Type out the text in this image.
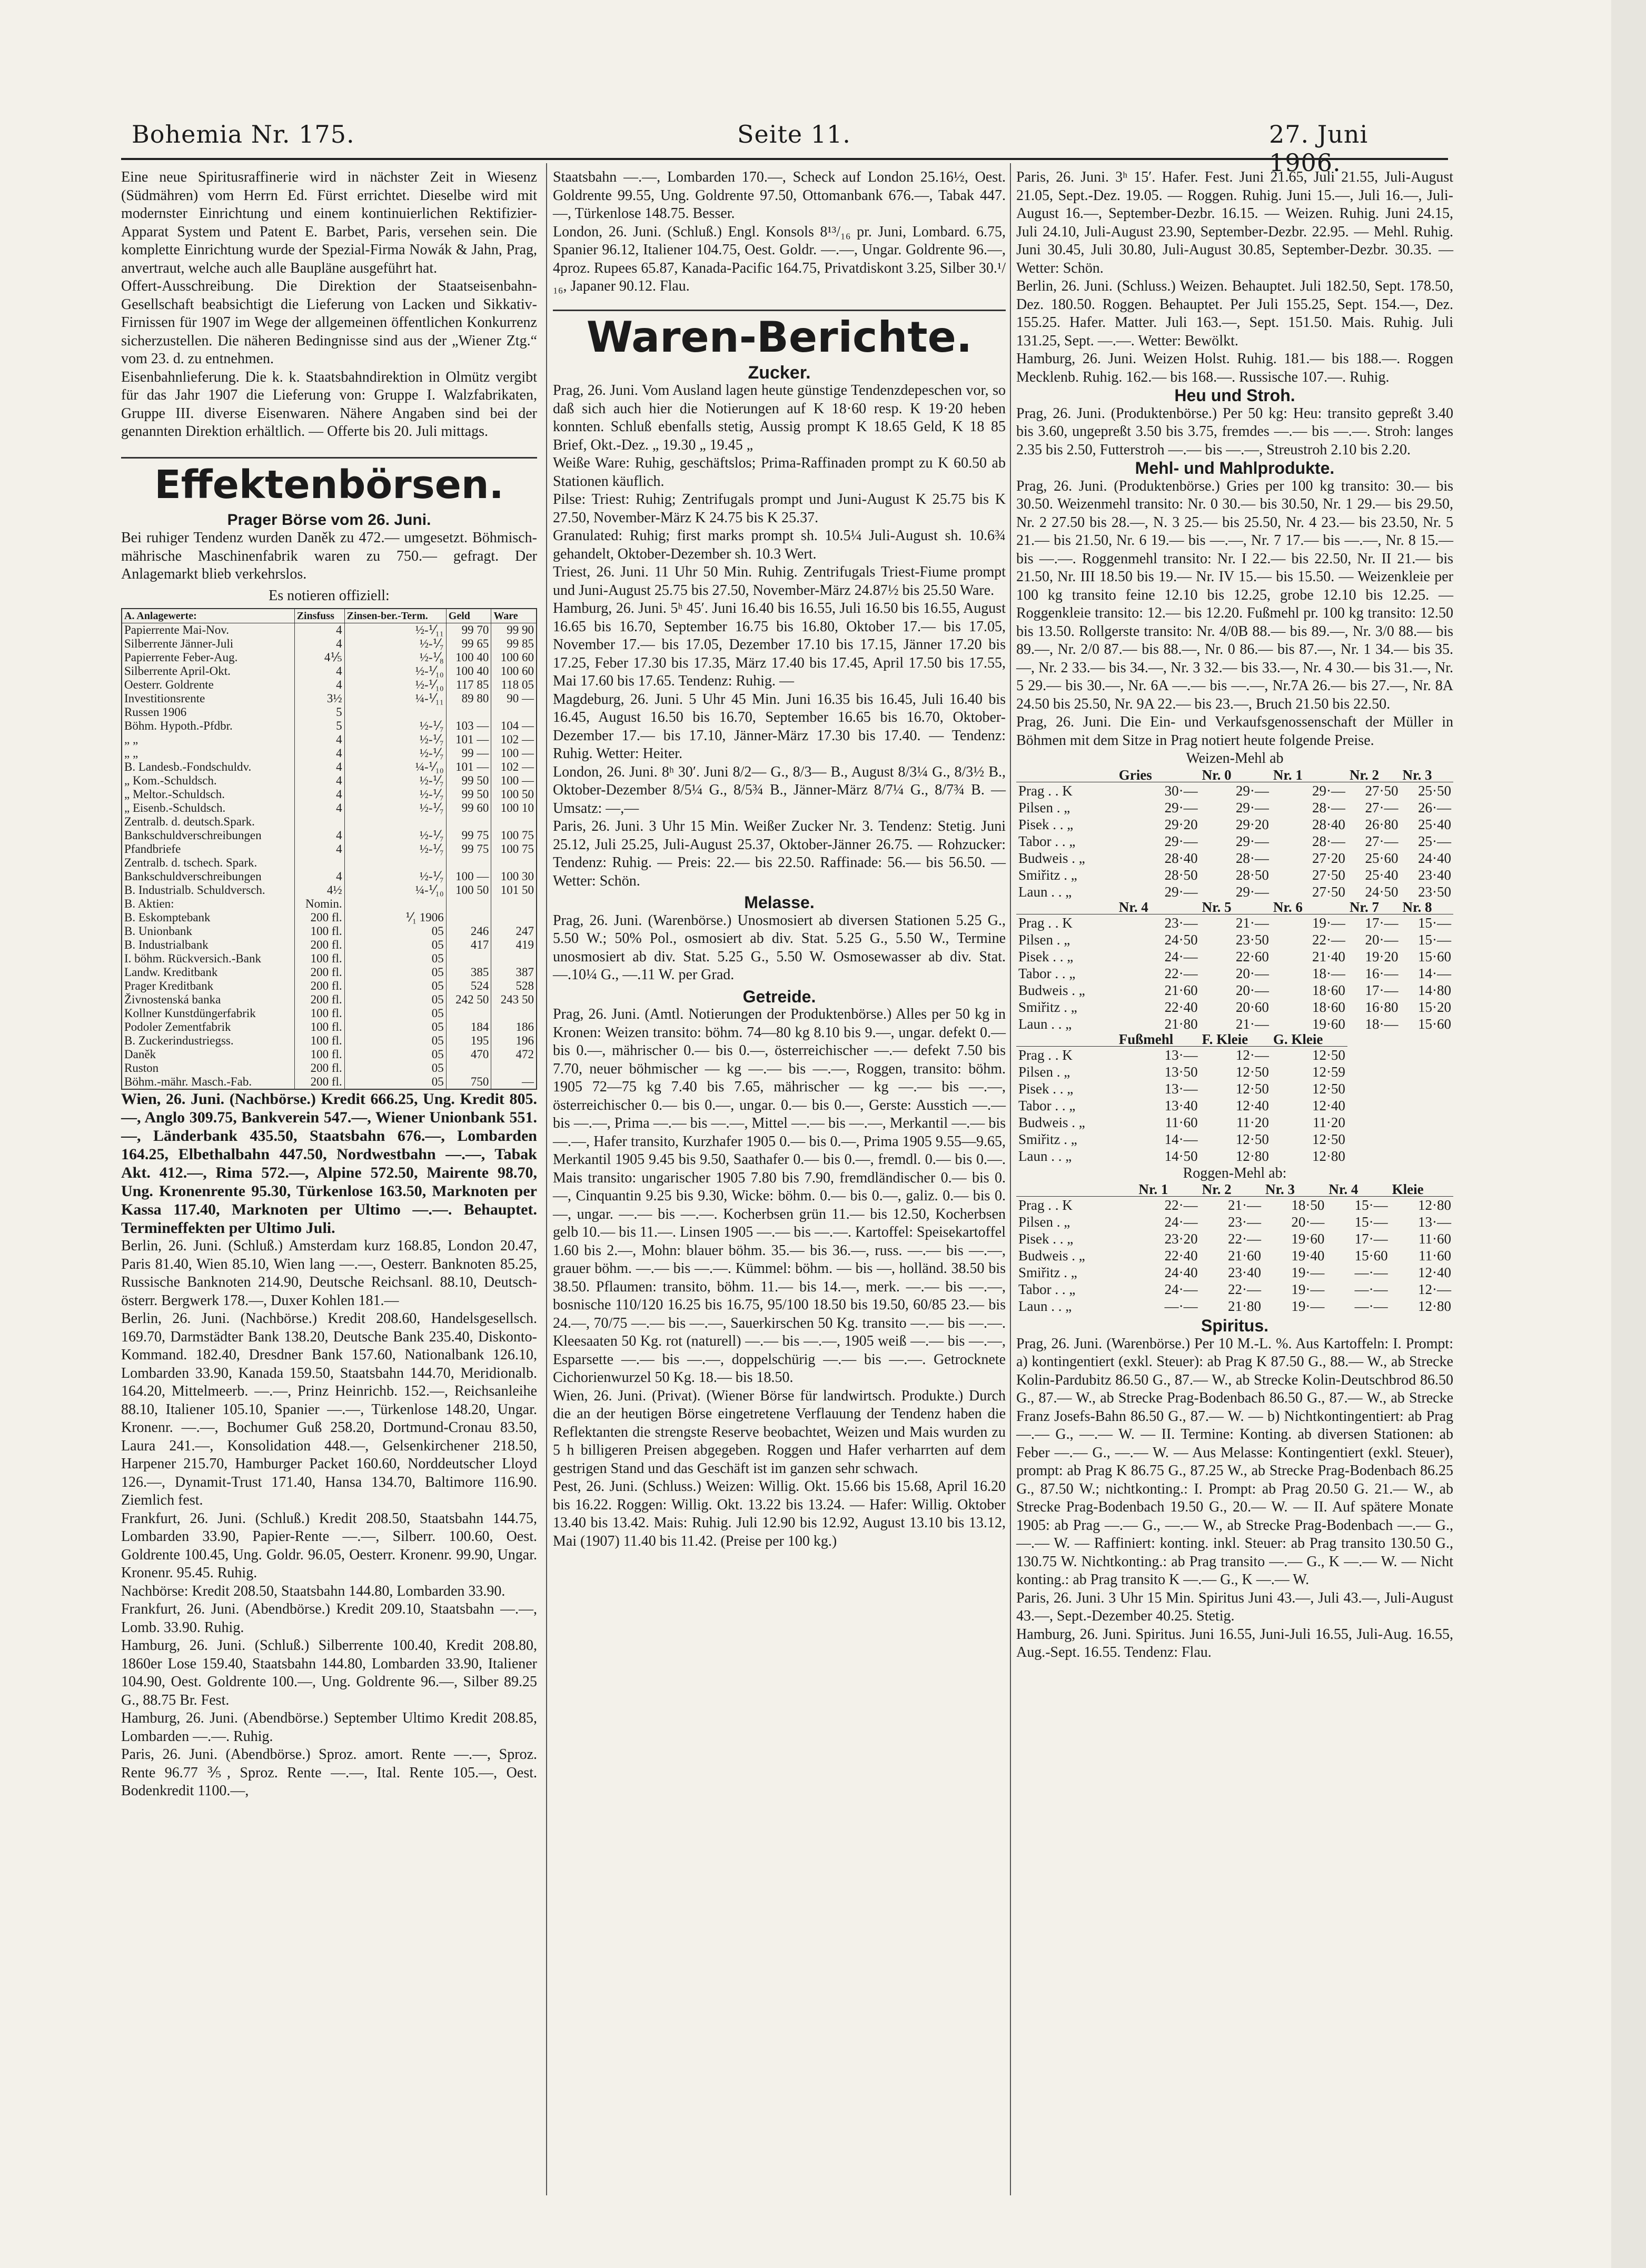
Bohemia Nr. 175.	Seite 11.	27. Juni 1906.

Eine neue Spiritusraffinerie wird in nächster Zeit in Wiesenz (Südmähren) vom Herrn Ed. Fürst errichtet. Dieselbe wird mit modernster Einrichtung und einem kontinuierlichen Rektifizier-Apparat System und Patent E. Barbet, Paris, versehen sein. Die komplette Einrichtung wurde der Spezial-Firma Nowák & Jahn, Prag, anvertraut, welche auch alle Baupläne ausgeführt hat.

Offert-Ausschreibung. Die Direktion der Staatseisenbahn-Gesellschaft beabsichtigt die Lieferung von Lacken und Sikkativ-Firnissen für 1907 im Wege der allgemeinen öffentlichen Konkurrenz sicherzustellen. Die näheren Bedingnisse sind aus der „Wiener Ztg.“ vom 23. d. zu entnehmen.

Eisenbahnlieferung. Die k. k. Staatsbahndirektion in Olmütz vergibt für das Jahr 1907 die Lieferung von: Gruppe I. Walzfabrikaten, Gruppe III. diverse Eisenwaren. Nähere Angaben sind bei der genannten Direktion erhältlich. — Offerte bis 20. Juli mittags.

Effektenbörsen.
Prager Börse vom 26. Juni.

Bei ruhiger Tendenz wurden Daněk zu 472.— umgesetzt. Böhmisch-mährische Maschinenfabrik waren zu 750.— gefragt. Der Anlagemarkt blieb verkehrslos.

Es notieren offiziell:
A. Anlagewerte:	Zinsfuss	Zinsen-ber.-Term.	Geld	Ware
Papierrente Mai-Nov.	4	½-⅟₁₁	99 70	99 90
Silberrente Jänner-Juli	4	½-⅟₇	99 65	99 85
Papierrente Feber-Aug.	4⅕	½-⅟₈	100 40	100 60
Silberrente April-Okt.	4	½-⅟₁₀	100 40	100 60
Oesterr. Goldrente	4	½-⅟₁₀	117 85	118 05
Investitionsrente	3½	¼-⅟₁₁	89 80	90 —
Russen 1906	5			
Böhm. Hypoth.-Pfdbr.	5	½-⅟₇	103 —	104 —
„ „	4	½-⅟₇	101 —	102 —
„ „	4	½-⅟₇	99 —	100 —
B. Landesb.-Fondschuldv.	4	¼-⅟₁₀	101 —	102 —
„ Kom.-Schuldsch.	4	½-⅟₇	99 50	100 —
„ Meltor.-Schuldsch.	4	½-⅟₇	99 50	100 50
„ Eisenb.-Schuldsch.	4	½-⅟₇	99 60	100 10
Zentralb. d. deutsch.Spark.				
Bankschuldverschreibungen	4	½-⅟₇	99 75	100 75
Pfandbriefe	4	½-⅟₇	99 75	100 75
Zentralb. d. tschech. Spark.				
Bankschuldverschreibungen	4	½-⅟₇	100 —	100 30
B. Industrialb. Schuldversch.	4½	¼-⅟₁₀	100 50	101 50
B. Aktien:	Nomin.			
B. Eskomptebank	200 fl.	⅟₁ 1906		
B. Unionbank	100 fl.	05	246	247
B. Industrialbank	200 fl.	05	417	419
I. böhm. Rückversich.-Bank	100 fl.	05		
Landw. Kreditbank	200 fl.	05	385	387
Prager Kreditbank	200 fl.	05	524	528
Živnostenská banka	200 fl.	05	242 50	243 50
Kollner Kunstdüngerfabrik	100 fl.	05		
Podoler Zementfabrik	100 fl.	05	184	186
B. Zuckerindustriegss.	100 fl.	05	195	196
Daněk	100 fl.	05	470	472
Ruston	200 fl.	05		
Böhm.-mähr. Masch.-Fab.	200 fl.	05	750	—

Wien, 26. Juni. (Nachbörse.) Kredit 666.25, Ung. Kredit 805.—, Anglo 309.75, Bankverein 547.—, Wiener Unionbank 551.—, Länderbank 435.50, Staatsbahn 676.—, Lombarden 164.25, Elbethalbahn 447.50, Nordwestbahn —.—, Tabak Akt. 412.—, Rima 572.—, Alpine 572.50, Mairente 98.70, Ung. Kronenrente 95.30, Türkenlose 163.50, Marknoten per Kassa 117.40, Marknoten per Ultimo —.—. Behauptet. Termineffekten per Ultimo Juli.

Berlin, 26. Juni. (Schluß.) Amsterdam kurz 168.85, London 20.47, Paris 81.40, Wien 85.10, Wien lang —.—, Oesterr. Banknoten 85.25, Russische Banknoten 214.90, Deutsche Reichsanl. 88.10, Deutsch-österr. Bergwerk 178.—, Duxer Kohlen 181.—

Berlin, 26. Juni. (Nachbörse.) Kredit 208.60, Handelsgesellsch. 169.70, Darmstädter Bank 138.20, Deutsche Bank 235.40, Diskonto-Kommand. 182.40, Dresdner Bank 157.60, Nationalbank 126.10, Lombarden 33.90, Kanada 159.50, Staatsbahn 144.70, Meridionalb. 164.20, Mittelmeerb. —.—, Prinz Heinrichb. 152.—, Reichsanleihe 88.10, Italiener 105.10, Spanier —.—, Türkenlose 148.20, Ungar. Kronenr. —.—, Bochumer Guß 258.20, Dortmund-Cronau 83.50, Laura 241.—, Konsolidation 448.—, Gelsenkirchener 218.50, Harpener 215.70, Hamburger Packet 160.60, Norddeutscher Lloyd 126.—, Dynamit-Trust 171.40, Hansa 134.70, Baltimore 116.90. Ziemlich fest.

Frankfurt, 26. Juni. (Schluß.) Kredit 208.50, Staatsbahn 144.75, Lombarden 33.90, Papier-Rente —.—, Silberr. 100.60, Oest. Goldrente 100.45, Ung. Goldr. 96.05, Oesterr. Kronenr. 99.90, Ungar. Kronenr. 95.45. Ruhig.

Nachbörse: Kredit 208.50, Staatsbahn 144.80, Lombarden 33.90.

Frankfurt, 26. Juni. (Abendbörse.) Kredit 209.10, Staatsbahn —.—, Lomb. 33.90. Ruhig.

Hamburg, 26. Juni. (Schluß.) Silberrente 100.40, Kredit 208.80, 1860er Lose 159.40, Staatsbahn 144.80, Lombarden 33.90, Italiener 104.90, Oest. Goldrente 100.—, Ung. Goldrente 96.—, Silber 89.25 G., 88.75 Br. Fest.

Hamburg, 26. Juni. (Abendbörse.) September Ultimo Kredit 208.85, Lombarden —.—. Ruhig.

Paris, 26. Juni. (Abendbörse.) Sproz. amort. Rente —.—, Sproz. Rente 96.77 ⅗, Sproz. Rente —.—, Ital. Rente 105.—, Oest. Bodenkredit 1100.—,

Staatsbahn —.—, Lombarden 170.—, Scheck auf London 25.16½, Oest. Goldrente 99.55, Ung. Goldrente 97.50, Ottomanbank 676.—, Tabak 447.—, Türkenlose 148.75. Besser.

London, 26. Juni. (Schluß.) Engl. Konsols 8¹³/₁₆ pr. Juni, Lombard. 6.75, Spanier 96.12, Italiener 104.75, Oest. Goldr. —.—, Ungar. Goldrente 96.—, 4proz. Rupees 65.87, Kanada-Pacific 164.75, Privatdiskont 3.25, Silber 30.¹/₁₆, Japaner 90.12. Flau.

Waren-Berichte.
Zucker.

Prag, 26. Juni. Vom Ausland lagen heute günstige Tendenzdepeschen vor, so daß sich auch hier die Notierungen auf K 18·60 resp. K 19·20 heben konnten. Schluß ebenfalls stetig, Aussig prompt K 18.65 Geld, K 18 85 Brief, Okt.-Dez. „ 19.30 „ 19.45 „

Weiße Ware: Ruhig, geschäftslos; Prima-Raffinaden prompt zu K 60.50 ab Stationen käuflich.

Pilse: Triest: Ruhig; Zentrifugals prompt und Juni-August K 25.75 bis K 27.50, November-März K 24.75 bis K 25.37.

Granulated: Ruhig; first marks prompt sh. 10.5¼ Juli-August sh. 10.6¾ gehandelt, Oktober-Dezember sh. 10.3 Wert.

Triest, 26. Juni. 11 Uhr 50 Min. Ruhig. Zentrifugals Triest-Fiume prompt und Juni-August 25.75 bis 27.50, November-März 24.87½ bis 25.50 Ware.

Hamburg, 26. Juni. 5ʰ 45′. Juni 16.40 bis 16.55, Juli 16.50 bis 16.55, August 16.65 bis 16.70, September 16.75 bis 16.80, Oktober 17.— bis 17.05, November 17.— bis 17.05, Dezember 17.10 bis 17.15, Jänner 17.20 bis 17.25, Feber 17.30 bis 17.35, März 17.40 bis 17.45, April 17.50 bis 17.55, Mai 17.60 bis 17.65. Tendenz: Ruhig. —

Magdeburg, 26. Juni. 5 Uhr 45 Min. Juni 16.35 bis 16.45, Juli 16.40 bis 16.45, August 16.50 bis 16.70, September 16.65 bis 16.70, Oktober-Dezember 17.— bis 17.10, Jänner-März 17.30 bis 17.40. — Tendenz: Ruhig. Wetter: Heiter.

London, 26. Juni. 8ʰ 30′. Juni 8/2— G., 8/3— B., August 8/3¼ G., 8/3½ B., Oktober-Dezember 8/5¼ G., 8/5¾ B., Jänner-März 8/7¼ G., 8/7¾ B. — Umsatz: —,—

Paris, 26. Juni. 3 Uhr 15 Min. Weißer Zucker Nr. 3. Tendenz: Stetig. Juni 25.12, Juli 25.25, Juli-August 25.37, Oktober-Jänner 26.75. — Rohzucker: Tendenz: Ruhig. — Preis: 22.— bis 22.50. Raffinade: 56.— bis 56.50. — Wetter: Schön.

Melasse.

Prag, 26. Juni. (Warenbörse.) Unosmosiert ab diversen Stationen 5.25 G., 5.50 W.; 50% Pol., osmosiert ab div. Stat. 5.25 G., 5.50 W., Termine unosmosiert ab div. Stat. 5.25 G., 5.50 W. Osmosewasser ab div. Stat. —.10¼ G., —.11 W. per Grad.

Getreide.

Prag, 26. Juni. (Amtl. Notierungen der Produktenbörse.) Alles per 50 kg in Kronen: Weizen transito: böhm. 74—80 kg 8.10 bis 9.—, ungar. defekt 0.— bis 0.—, mährischer 0.— bis 0.—, österreichischer —.— defekt 7.50 bis 7.70, neuer böhmischer — kg —.— bis —.—, Roggen, transito: böhm. 1905 72—75 kg 7.40 bis 7.65, mährischer — kg —.— bis —.—, österreichischer 0.— bis 0.—, ungar. 0.— bis 0.—, Gerste: Ausstich —.— bis —.—, Prima —.— bis —.—, Mittel —.— bis —.—, Merkantil —.— bis —.—, Hafer transito, Kurzhafer 1905 0.— bis 0.—, Prima 1905 9.55—9.65, Merkantil 1905 9.45 bis 9.50, Saathafer 0.— bis 0.—, fremdl. 0.— bis 0.—. Mais transito: ungarischer 1905 7.80 bis 7.90, fremdländischer 0.— bis 0.—, Cinquantin 9.25 bis 9.30, Wicke: böhm. 0.— bis 0.—, galiz. 0.— bis 0.—, ungar. —.— bis —.—. Kocherbsen grün 11.— bis 12.50, Kocherbsen gelb 10.— bis 11.—. Linsen 1905 —.— bis —.—. Kartoffel: Speisekartoffel 1.60 bis 2.—, Mohn: blauer böhm. 35.— bis 36.—, russ. —.— bis —.—, grauer böhm. —.— bis —.—. Kümmel: böhm. — bis —, holländ. 38.50 bis 38.50. Pflaumen: transito, böhm. 11.— bis 14.—, merk. —.— bis —.—, bosnische 110/120 16.25 bis 16.75, 95/100 18.50 bis 19.50, 60/85 23.— bis 24.—, 70/75 —.— bis —.—, Sauerkirschen 50 Kg. transito —.— bis —.—. Kleesaaten 50 Kg. rot (naturell) —.— bis —.—, 1905 weiß —.— bis —.—, Esparsette —.— bis —.—, doppelschürig —.— bis —.—. Getrocknete Cichorienwurzel 50 Kg. 18.— bis 18.50.

Wien, 26. Juni. (Privat). (Wiener Börse für landwirtsch. Produkte.) Durch die an der heutigen Börse eingetretene Verflauung der Tendenz haben die Reflektanten die strengste Reserve beobachtet, Weizen und Mais wurden zu 5 h billigeren Preisen abgegeben. Roggen und Hafer verharrten auf dem gestrigen Stand und das Geschäft ist im ganzen sehr schwach.

Pest, 26. Juni. (Schluss.) Weizen: Willig. Okt. 15.66 bis 15.68, April 16.20 bis 16.22. Roggen: Willig. Okt. 13.22 bis 13.24. — Hafer: Willig. Oktober 13.40 bis 13.42. Mais: Ruhig. Juli 12.90 bis 12.92, August 13.10 bis 13.12, Mai (1907) 11.40 bis 11.42. (Preise per 100 kg.)

Paris, 26. Juni. 3ʰ 15′. Hafer. Fest. Juni 21.65, Juli 21.55, Juli-August 21.05, Sept.-Dez. 19.05. — Roggen. Ruhig. Juni 15.—, Juli 16.—, Juli-August 16.—, September-Dezbr. 16.15. — Weizen. Ruhig. Juni 24.15, Juli 24.10, Juli-August 23.90, September-Dezbr. 22.95. — Mehl. Ruhig. Juni 30.45, Juli 30.80, Juli-August 30.85, September-Dezbr. 30.35. — Wetter: Schön.

Berlin, 26. Juni. (Schluss.) Weizen. Behauptet. Juli 182.50, Sept. 178.50, Dez. 180.50. Roggen. Behauptet. Per Juli 155.25, Sept. 154.—, Dez. 155.25. Hafer. Matter. Juli 163.—, Sept. 151.50. Mais. Ruhig. Juli 131.25, Sept. —.—. Wetter: Bewölkt.

Hamburg, 26. Juni. Weizen Holst. Ruhig. 181.— bis 188.—. Roggen Mecklenb. Ruhig. 162.— bis 168.—. Russische 107.—. Ruhig.

Heu und Stroh.

Prag, 26. Juni. (Produktenbörse.) Per 50 kg: Heu: transito gepreßt 3.40 bis 3.60, ungepreßt 3.50 bis 3.75, fremdes —.— bis —.—. Stroh: langes 2.35 bis 2.50, Futterstroh —.— bis —.—, Streustroh 2.10 bis 2.20.

Mehl- und Mahlprodukte.

Prag, 26. Juni. (Produktenbörse.) Gries per 100 kg transito: 30.— bis 30.50. Weizenmehl transito: Nr. 0 30.— bis 30.50, Nr. 1 29.— bis 29.50, Nr. 2 27.50 bis 28.—, N. 3 25.— bis 25.50, Nr. 4 23.— bis 23.50, Nr. 5 21.— bis 21.50, Nr. 6 19.— bis —.—, Nr. 7 17.— bis —.—, Nr. 8 15.— bis —.—. Roggenmehl transito: Nr. I 22.— bis 22.50, Nr. II 21.— bis 21.50, Nr. III 18.50 bis 19.— Nr. IV 15.— bis 15.50. — Weizenkleie per 100 kg transito feine 12.10 bis 12.25, grobe 12.10 bis 12.25. — Roggenkleie transito: 12.— bis 12.20. Fußmehl pr. 100 kg transito: 12.50 bis 13.50. Rollgerste transito: Nr. 4/0B 88.— bis 89.—, Nr. 3/0 88.— bis 89.—, Nr. 2/0 87.— bis 88.—, Nr. 0 86.— bis 87.—, Nr. 1 34.— bis 35.—, Nr. 2 33.— bis 34.—, Nr. 3 32.— bis 33.—, Nr. 4 30.— bis 31.—, Nr. 5 29.— bis 30.—, Nr. 6A —.— bis —.—, Nr.7A 26.— bis 27.—, Nr. 8A 24.50 bis 25.50, Nr. 9A 22.— bis 23.—, Bruch 21.50 bis 22.50.

Prag, 26. Juni. Die Ein- und Verkaufsgenossenschaft der Müller in Böhmen mit dem Sitze in Prag notiert heute folgende Preise.

Weizen-Mehl ab
	Gries	Nr. 0	Nr. 1	Nr. 2	Nr. 3
Prag . . K	30·—	29·—	29·—	27·50	25·50
Pilsen . „	29·—	29·—	28·—	27·—	26·—
Pisek . . „	29·20	29·20	28·40	26·80	25·40
Tabor . . „	29·—	29·—	28·—	27·—	25·—
Budweis . „	28·40	28·—	27·20	25·60	24·40
Smiřitz . „	28·50	28·50	27·50	25·40	23·40
Laun . . „	29·—	29·—	27·50	24·50	23·50
	Nr. 4	Nr. 5	Nr. 6	Nr. 7	Nr. 8
Prag . . K	23·—	21·—	19·—	17·—	15·—
Pilsen . „	24·50	23·50	22·—	20·—	15·—
Pisek . . „	24·—	22·60	21·40	19·20	15·60
Tabor . . „	22·—	20·—	18·—	16·—	14·—
Budweis . „	21·60	20·—	18·60	17·—	14·80
Smiřitz . „	22·40	20·60	18·60	16·80	15·20
Laun . . „	21·80	21·—	19·60	18·—	15·60
	Fußmehl	F. Kleie	G. Kleie		
Prag . . K	13·—	12·—	12·50		
Pilsen . „	13·50	12·50	12·59		
Pisek . . „	13·—	12·50	12·50		
Tabor . . „	13·40	12·40	12·40		
Budweis . „	11·60	11·20	11·20		
Smiřitz . „	14·—	12·50	12·50		
Laun . . „	14·50	12·80	12·80		
Roggen-Mehl ab:
	Nr. 1	Nr. 2	Nr. 3	Nr. 4	Kleie
Prag . . K	22·—	21·—	18·50	15·—	12·80
Pilsen . „	24·—	23·—	20·—	15·—	13·—
Pisek . . „	23·20	22·—	19·60	17·—	11·60
Budweis . „	22·40	21·60	19·40	15·60	11·60
Smiřitz . „	24·40	23·40	19·—	—·—	12·40
Tabor . . „	24·—	22·—	19·—	—·—	12·—
Laun . . „	—·—	21·80	19·—	—·—	12·80
Spiritus.

Prag, 26. Juni. (Warenbörse.) Per 10 M.-L. %. Aus Kartoffeln: I. Prompt: a) kontingentiert (exkl. Steuer): ab Prag K 87.50 G., 88.— W., ab Strecke Kolin-Pardubitz 86.50 G., 87.— W., ab Strecke Kolin-Deutschbrod 86.50 G., 87.— W., ab Strecke Prag-Bodenbach 86.50 G., 87.— W., ab Strecke Franz Josefs-Bahn 86.50 G., 87.— W. — b) Nichtkontingentiert: ab Prag —.— G., —.— W. — II. Termine: Konting. ab diversen Stationen: ab Feber —.— G., —.— W. — Aus Melasse: Kontingentiert (exkl. Steuer), prompt: ab Prag K 86.75 G., 87.25 W., ab Strecke Prag-Bodenbach 86.25 G., 87.50 W.; nichtkonting.: I. Prompt: ab Prag 20.50 G. 21.— W., ab Strecke Prag-Bodenbach 19.50 G., 20.— W. — II. Auf spätere Monate 1905: ab Prag —.— G., —.— W., ab Strecke Prag-Bodenbach —.— G., —.— W. — Raffiniert: konting. inkl. Steuer: ab Prag transito 130.50 G., 130.75 W. Nichtkonting.: ab Prag transito —.— G., K —.— W. — Nicht konting.: ab Prag transito K —.— G., K —.— W.

Paris, 26. Juni. 3 Uhr 15 Min. Spiritus Juni 43.—, Juli 43.—, Juli-August 43.—, Sept.-Dezember 40.25. Stetig.

Hamburg, 26. Juni. Spiritus. Juni 16.55, Juni-Juli 16.55, Juli-Aug. 16.55, Aug.-Sept. 16.55. Tendenz: Flau.
